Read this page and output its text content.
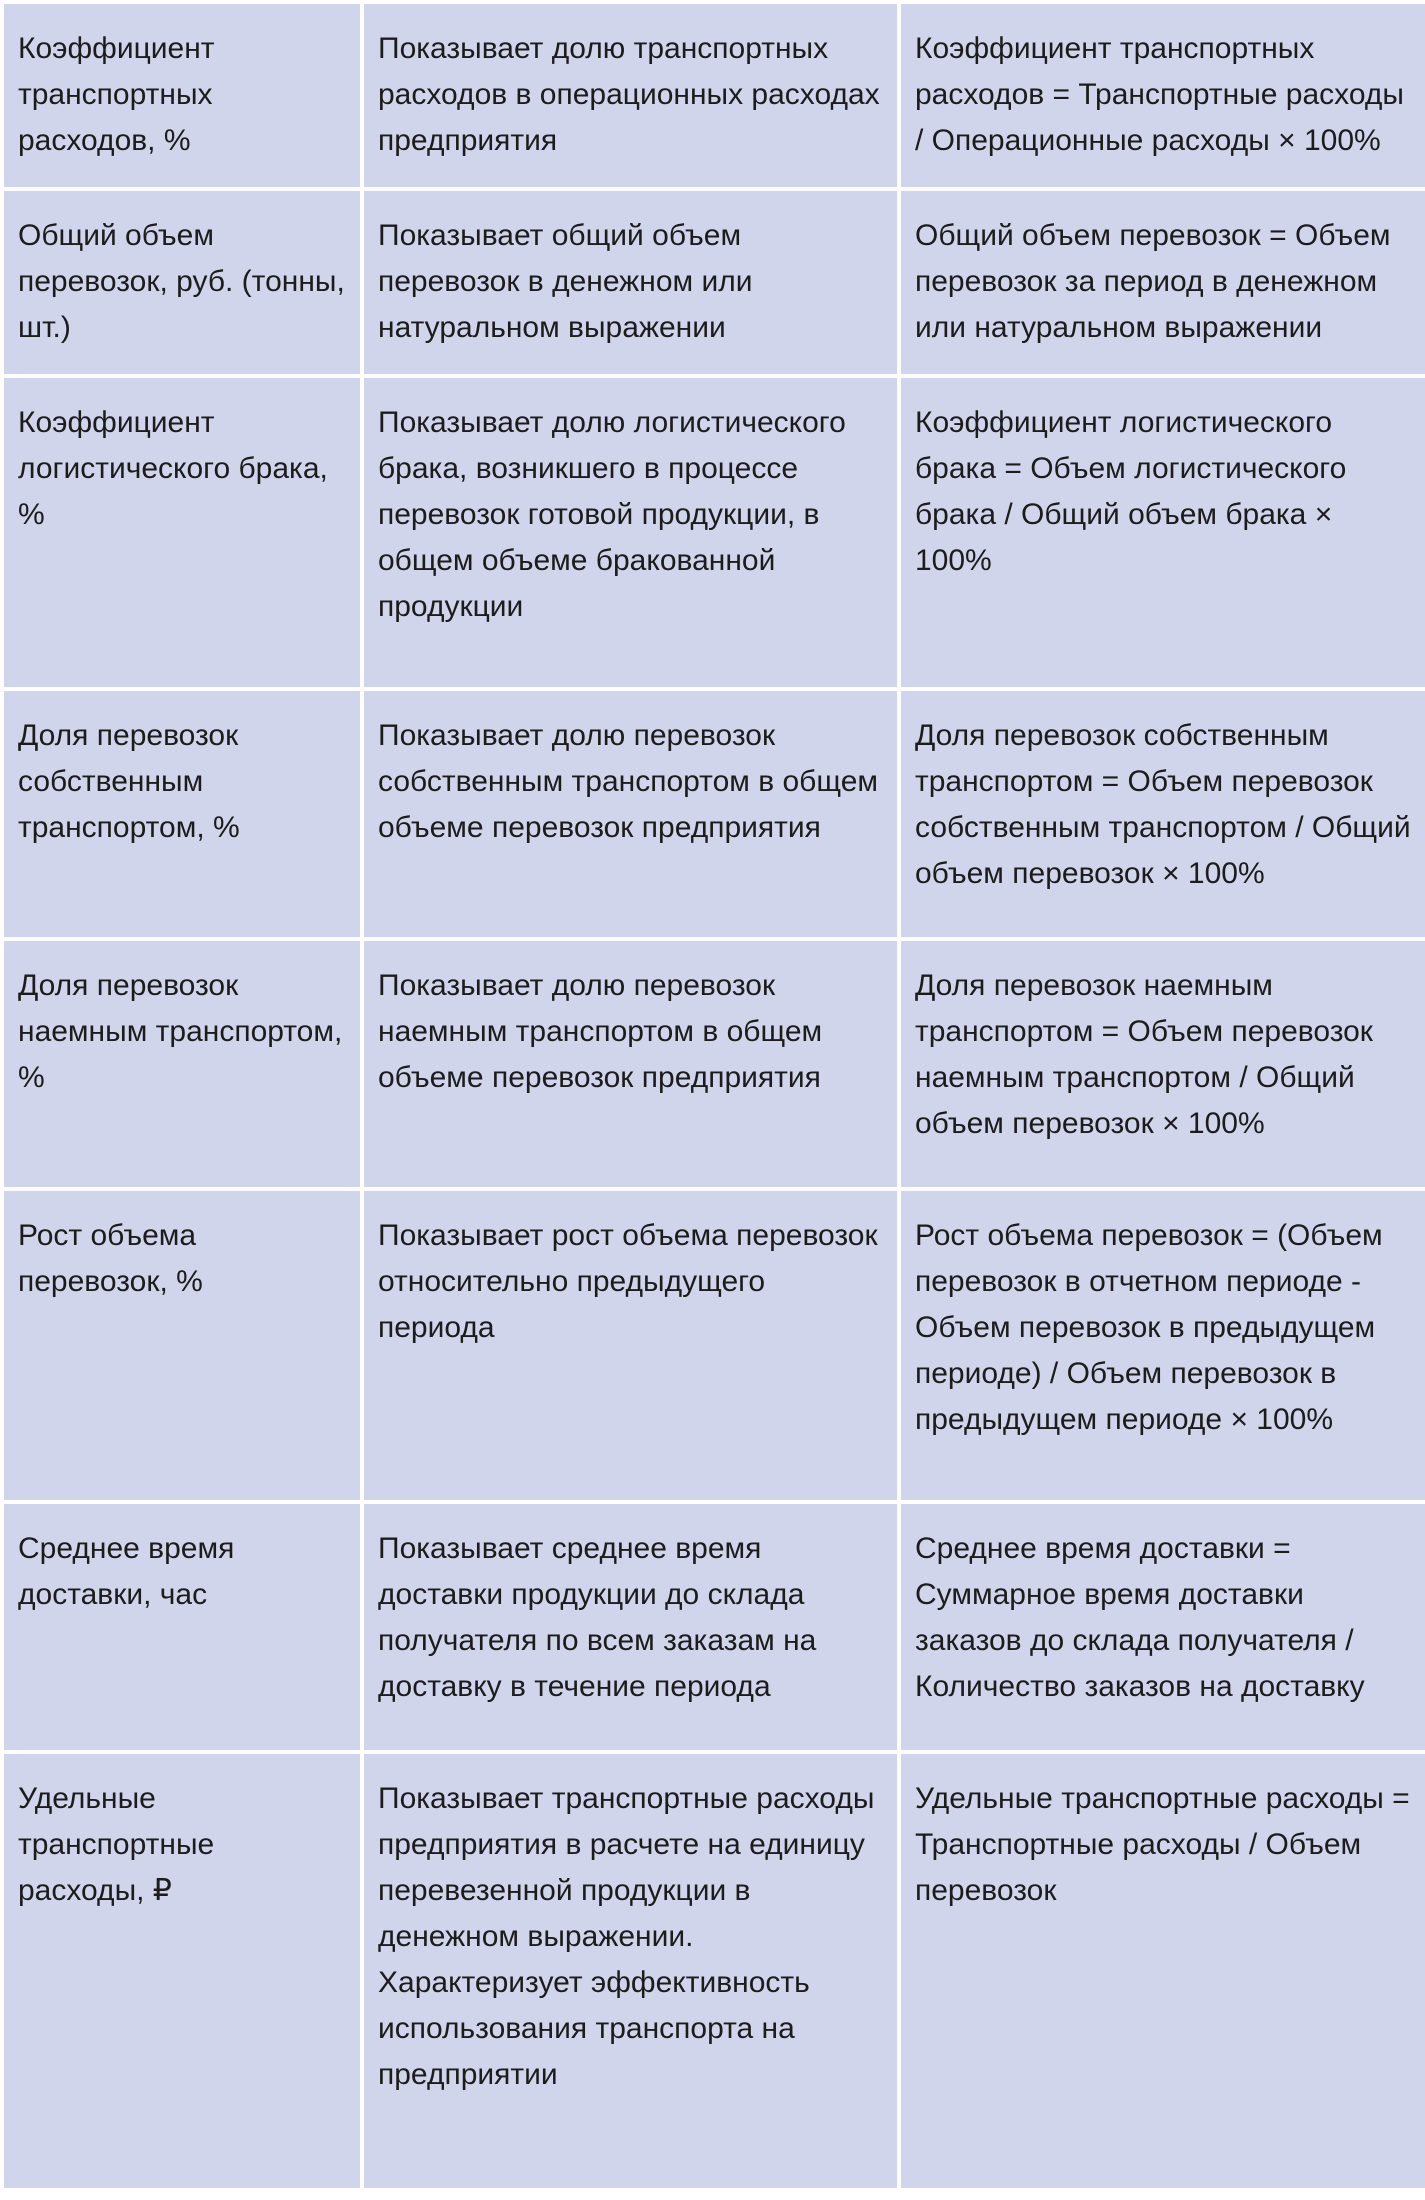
Коэффициент транспортных расходов, %	Показывает долю транспортных расходов в операционных расходах предприятия	Коэффициент транспортных расходов = Транспортные расходы / Операционные расходы × 100%
Общий объем перевозок, руб. (тонны, шт.)	Показывает общий объем перевозок в денежном или натуральном выражении	Общий объем перевозок = Объем перевозок за период в денежном или натуральном выражении
Коэффициент логистического брака, %	Показывает долю логистического брака, возникшего в процессе перевозок готовой продукции, в общем объеме бракованной продукции	Коэффициент логистического брака = Объем логистического брака / Общий объем брака × 100%
Доля перевозок собственным транспортом, %	Показывает долю перевозок собственным транспортом в общем объеме перевозок предприятия	Доля перевозок собственным транспортом = Объем перевозок собственным транспортом / Общий объем перевозок × 100%
Доля перевозок наемным транспортом, %	Показывает долю перевозок наемным транспортом в общем объеме перевозок предприятия	Доля перевозок наемным транспортом = Объем перевозок наемным транспортом / Общий объем перевозок × 100%
Рост объема перевозок, %	Показывает рост объема перевозок относительно предыдущего периода	Рост объема перевозок = (Объем перевозок в отчетном периоде - Объем перевозок в предыдущем периоде) / Объем перевозок в предыдущем периоде × 100%
Среднее время доставки, час	Показывает среднее время доставки продукции до склада получателя по всем заказам на доставку в течение периода	Среднее время доставки = Суммарное время доставки заказов до склада получателя / Количество заказов на доставку
Удельные транспортные расходы, ₽	Показывает транспортные расходы предприятия в расчете на единицу перевезенной продукции в денежном выражении. Характеризует эффективность использования транспорта на предприятии	Удельные транспортные расходы = Транспортные расходы / Объем перевозок
